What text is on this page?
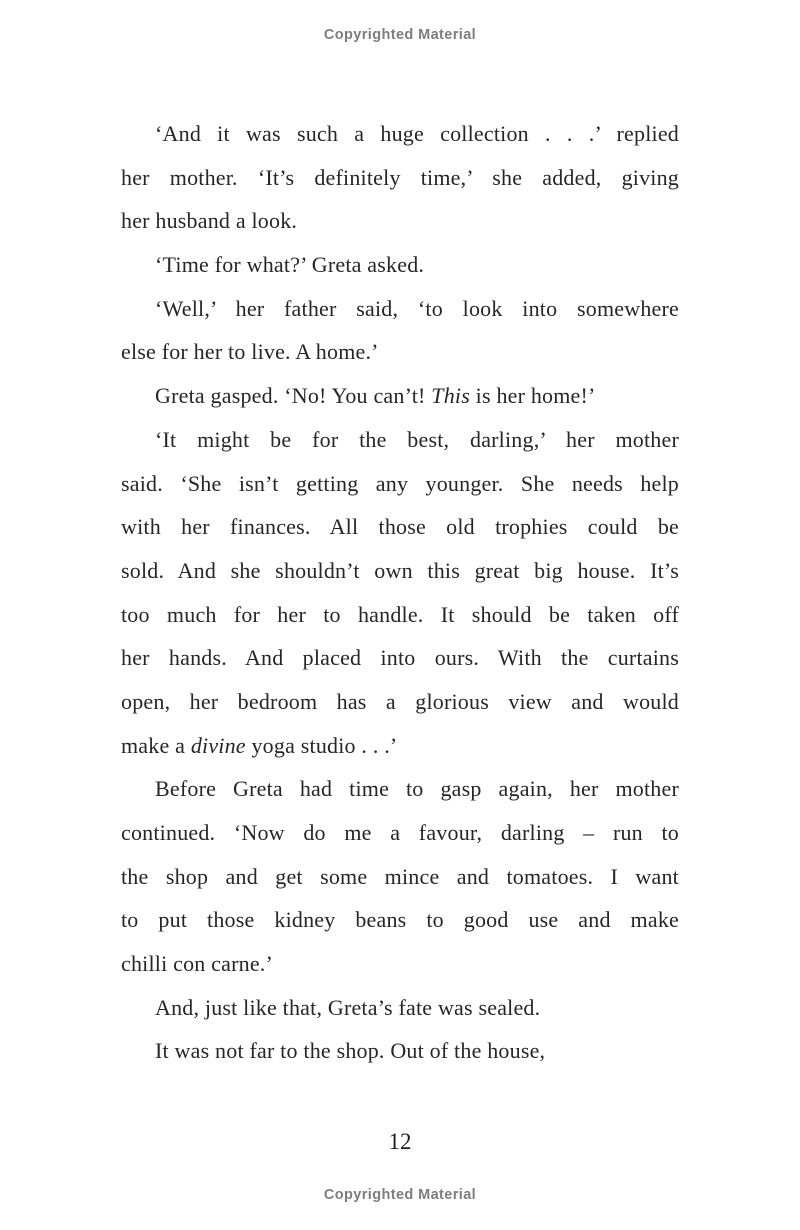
Copyrighted Material
‘And it was such a huge collection . . .’ replied
her mother. ‘It’s definitely time,’ she added, giving
her husband a look.
‘Time for what?’ Greta asked.
‘Well,’ her father said, ‘to look into somewhere
else for her to live. A home.’
Greta gasped. ‘No! You can’t! This is her home!’
‘It might be for the best, darling,’ her mother
said. ‘She isn’t getting any younger. She needs help
with her finances. All those old trophies could be
sold. And she shouldn’t own this great big house. It’s
too much for her to handle. It should be taken off
her hands. And placed into ours. With the curtains
open, her bedroom has a glorious view and would
make a divine yoga studio . . .’
Before Greta had time to gasp again, her mother
continued. ‘Now do me a favour, darling – run to
the shop and get some mince and tomatoes. I want
to put those kidney beans to good use and make
chilli con carne.’
And, just like that, Greta’s fate was sealed.
It was not far to the shop. Out of the house,
12
Copyrighted Material
